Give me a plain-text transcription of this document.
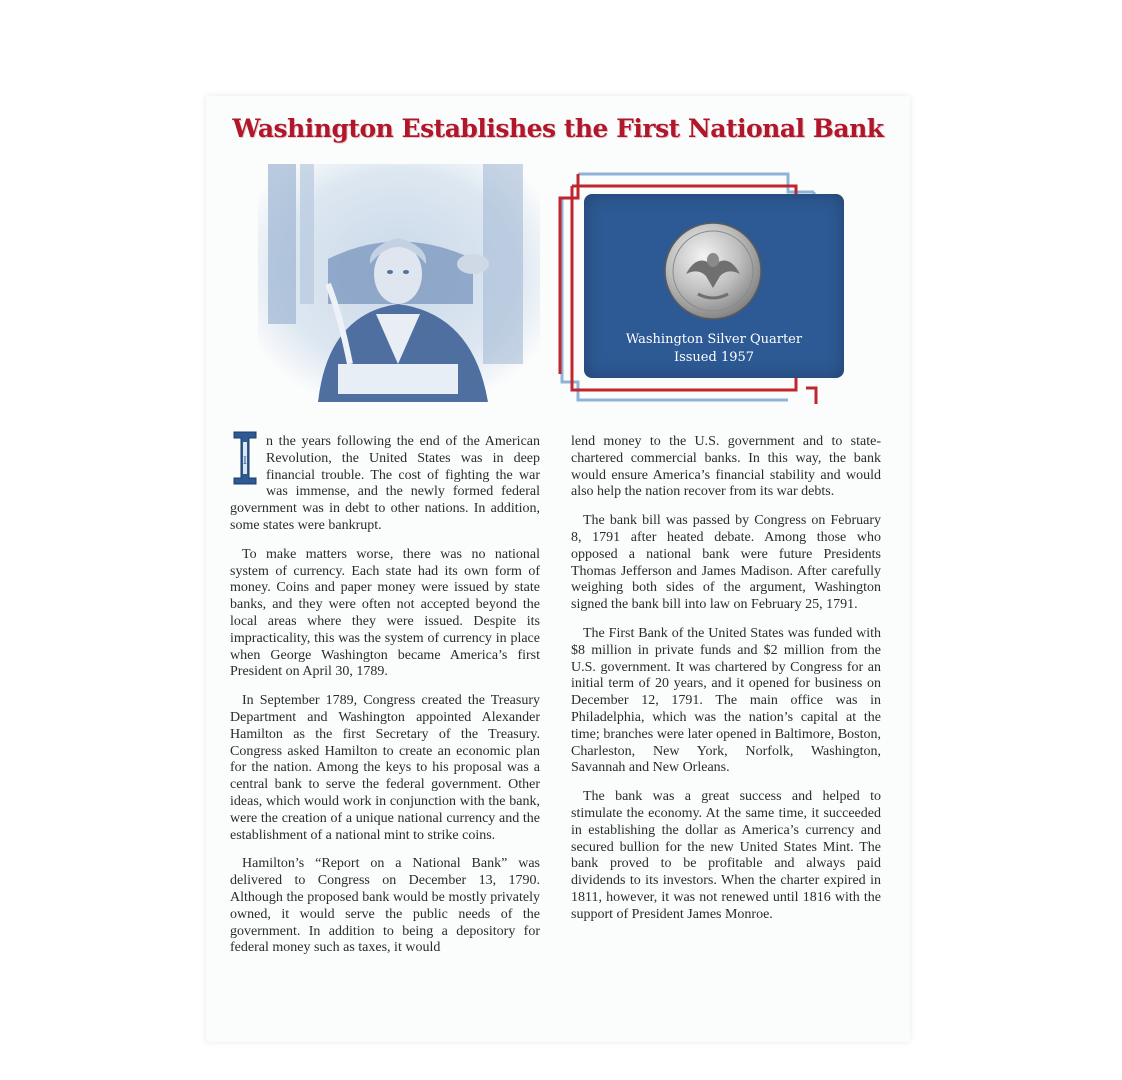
Washington Establishes the First National Bank
Washington Silver Quarter
Issued 1957

I
n the years following the end of the American Revolution, the United States was in deep financial trouble. The cost of fighting the war was immense, and the newly formed federal government was in debt to other nations. In addition, some states were bankrupt.

To make matters worse, there was no national system of currency. Each state had its own form of money. Coins and paper money were issued by state banks, and they were often not accepted beyond the local areas where they were issued. Despite its impracticality, this was the system of currency in place when George Washington became America’s first President on April 30, 1789.

In September 1789, Congress created the Treasury Department and Washington appointed Alexander Hamilton as the first Secretary of the Treasury. Congress asked Hamilton to create an economic plan for the nation. Among the keys to his proposal was a central bank to serve the federal government. Other ideas, which would work in conjunction with the bank, were the creation of a unique national currency and the establishment of a national mint to strike coins.

Hamilton’s “Report on a National Bank” was delivered to Congress on December 13, 1790. Although the proposed bank would be mostly privately owned, it would serve the public needs of the government. In addition to being a depository for federal money such as taxes, it would

lend money to the U.S. government and to state-chartered commercial banks. In this way, the bank would ensure America’s financial stability and would also help the nation recover from its war debts.

The bank bill was passed by Congress on February 8, 1791 after heated debate. Among those who opposed a national bank were future Presidents Thomas Jefferson and James Madison. After carefully weighing both sides of the argument, Washington signed the bank bill into law on February 25, 1791.

The First Bank of the United States was funded with $8 million in private funds and $2 million from the U.S. government. It was chartered by Congress for an initial term of 20 years, and it opened for business on December 12, 1791. The main office was in Philadelphia, which was the nation’s capital at the time; branches were later opened in Baltimore, Boston, Charleston, New York, Norfolk, Washington, Savannah and New Orleans.

The bank was a great success and helped to stimulate the economy. At the same time, it succeeded in establishing the dollar as America’s currency and secured bullion for the new United States Mint. The bank proved to be profitable and always paid dividends to its investors. When the charter expired in 1811, however, it was not renewed until 1816 with the support of President James Monroe.
